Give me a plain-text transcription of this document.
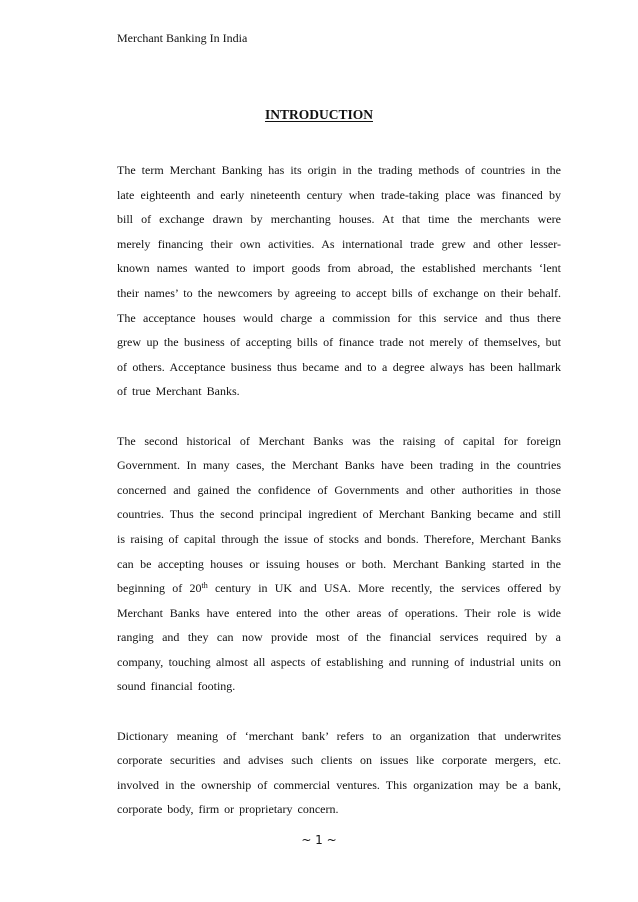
Merchant Banking In India
INTRODUCTION

The term Merchant Banking has its origin in the trading methods of countries in the late eighteenth and early nineteenth century when trade-taking place was financed by bill of exchange drawn by merchanting houses. At that time the merchants were merely financing their own activities. As international trade grew and other lesser-known names wanted to import goods from abroad, the established merchants ‘lent their names’ to the newcomers by agreeing to accept bills of exchange on their behalf. The acceptance houses would charge a commission for this service and thus there grew up the business of accepting bills of finance trade not merely of themselves, but of others. Acceptance business thus became and to a degree always has been hallmark of true Merchant Banks.

The second historical of Merchant Banks was the raising of capital for foreign Government. In many cases, the Merchant Banks have been trading in the countries concerned and gained the confidence of Governments and other authorities in those countries. Thus the second principal ingredient of Merchant Banking became and still is raising of capital through the issue of stocks and bonds. Therefore, Merchant Banks can be accepting houses or issuing houses or both. Merchant Banking started in the beginning of 20th century in UK and USA. More recently, the services offered by Merchant Banks have entered into the other areas of operations. Their role is wide ranging and they can now provide most of the financial services required by a company, touching almost all aspects of establishing and running of industrial units on sound financial footing.

Dictionary meaning of ‘merchant bank’ refers to an organization that underwrites corporate securities and advises such clients on issues like corporate mergers, etc. involved in the ownership of commercial ventures. This organization may be a bank, corporate body, firm or proprietary concern.

~ 1 ~
